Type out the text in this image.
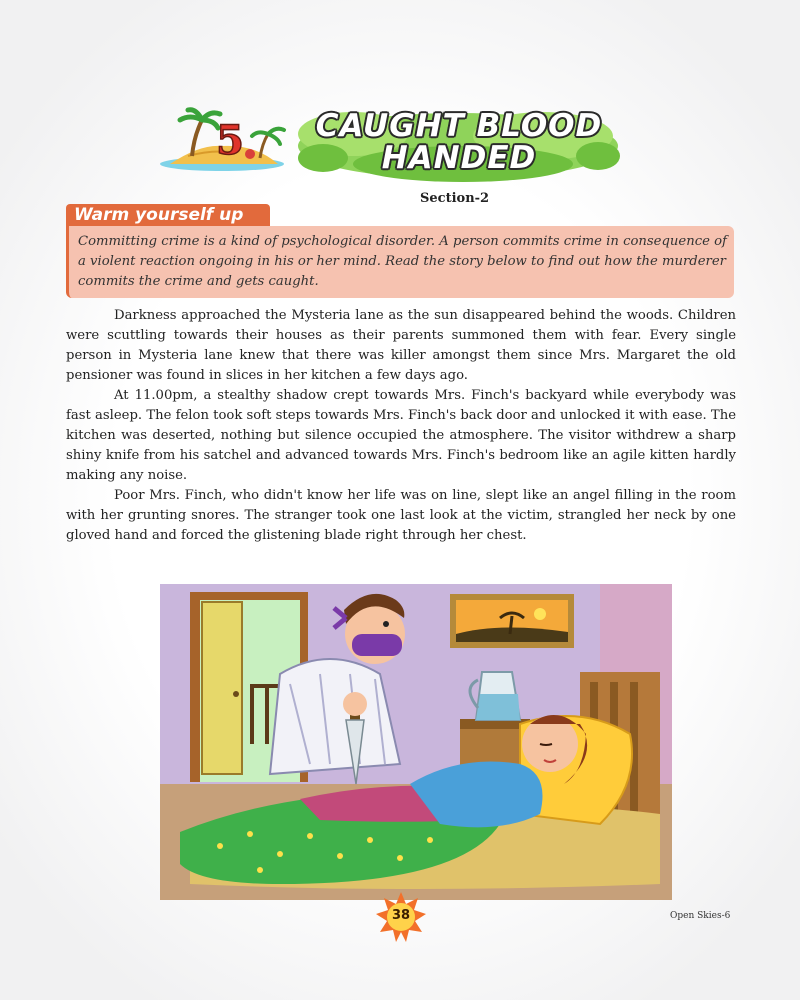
5	CAUGHT BLOOD
HANDED
Section-2
Warm yourself up
Committing crime is a kind of psychological disorder. A person commits crime in consequence of a violent reaction ongoing in his or her mind. Read the story below to find out how the murderer commits the crime and gets caught.

Darkness approached the Mysteria lane as the sun disappeared behind the woods. Children were scuttling towards their houses as their parents summoned them with fear. Every single person in Mysteria lane knew that there was killer amongst them since Mrs. Margaret the old pensioner was found in slices in her kitchen a few days ago.

At 11.00pm, a stealthy shadow crept towards Mrs. Finch's backyard while everybody was fast asleep. The felon took soft steps towards Mrs. Finch's back door and unlocked it with ease. The kitchen was deserted, nothing but silence occupied the atmosphere. The visitor withdrew a sharp shiny knife from his satchel and advanced towards Mrs. Finch's bedroom like an agile kitten hardly making any noise.

Poor Mrs. Finch, who didn't know her life was on line, slept like an angel filling in the room with her grunting snores. The stranger took one last look at the victim, strangled her neck by one gloved hand and forced the glistening blade right through her chest.

38	Open Skies-6
